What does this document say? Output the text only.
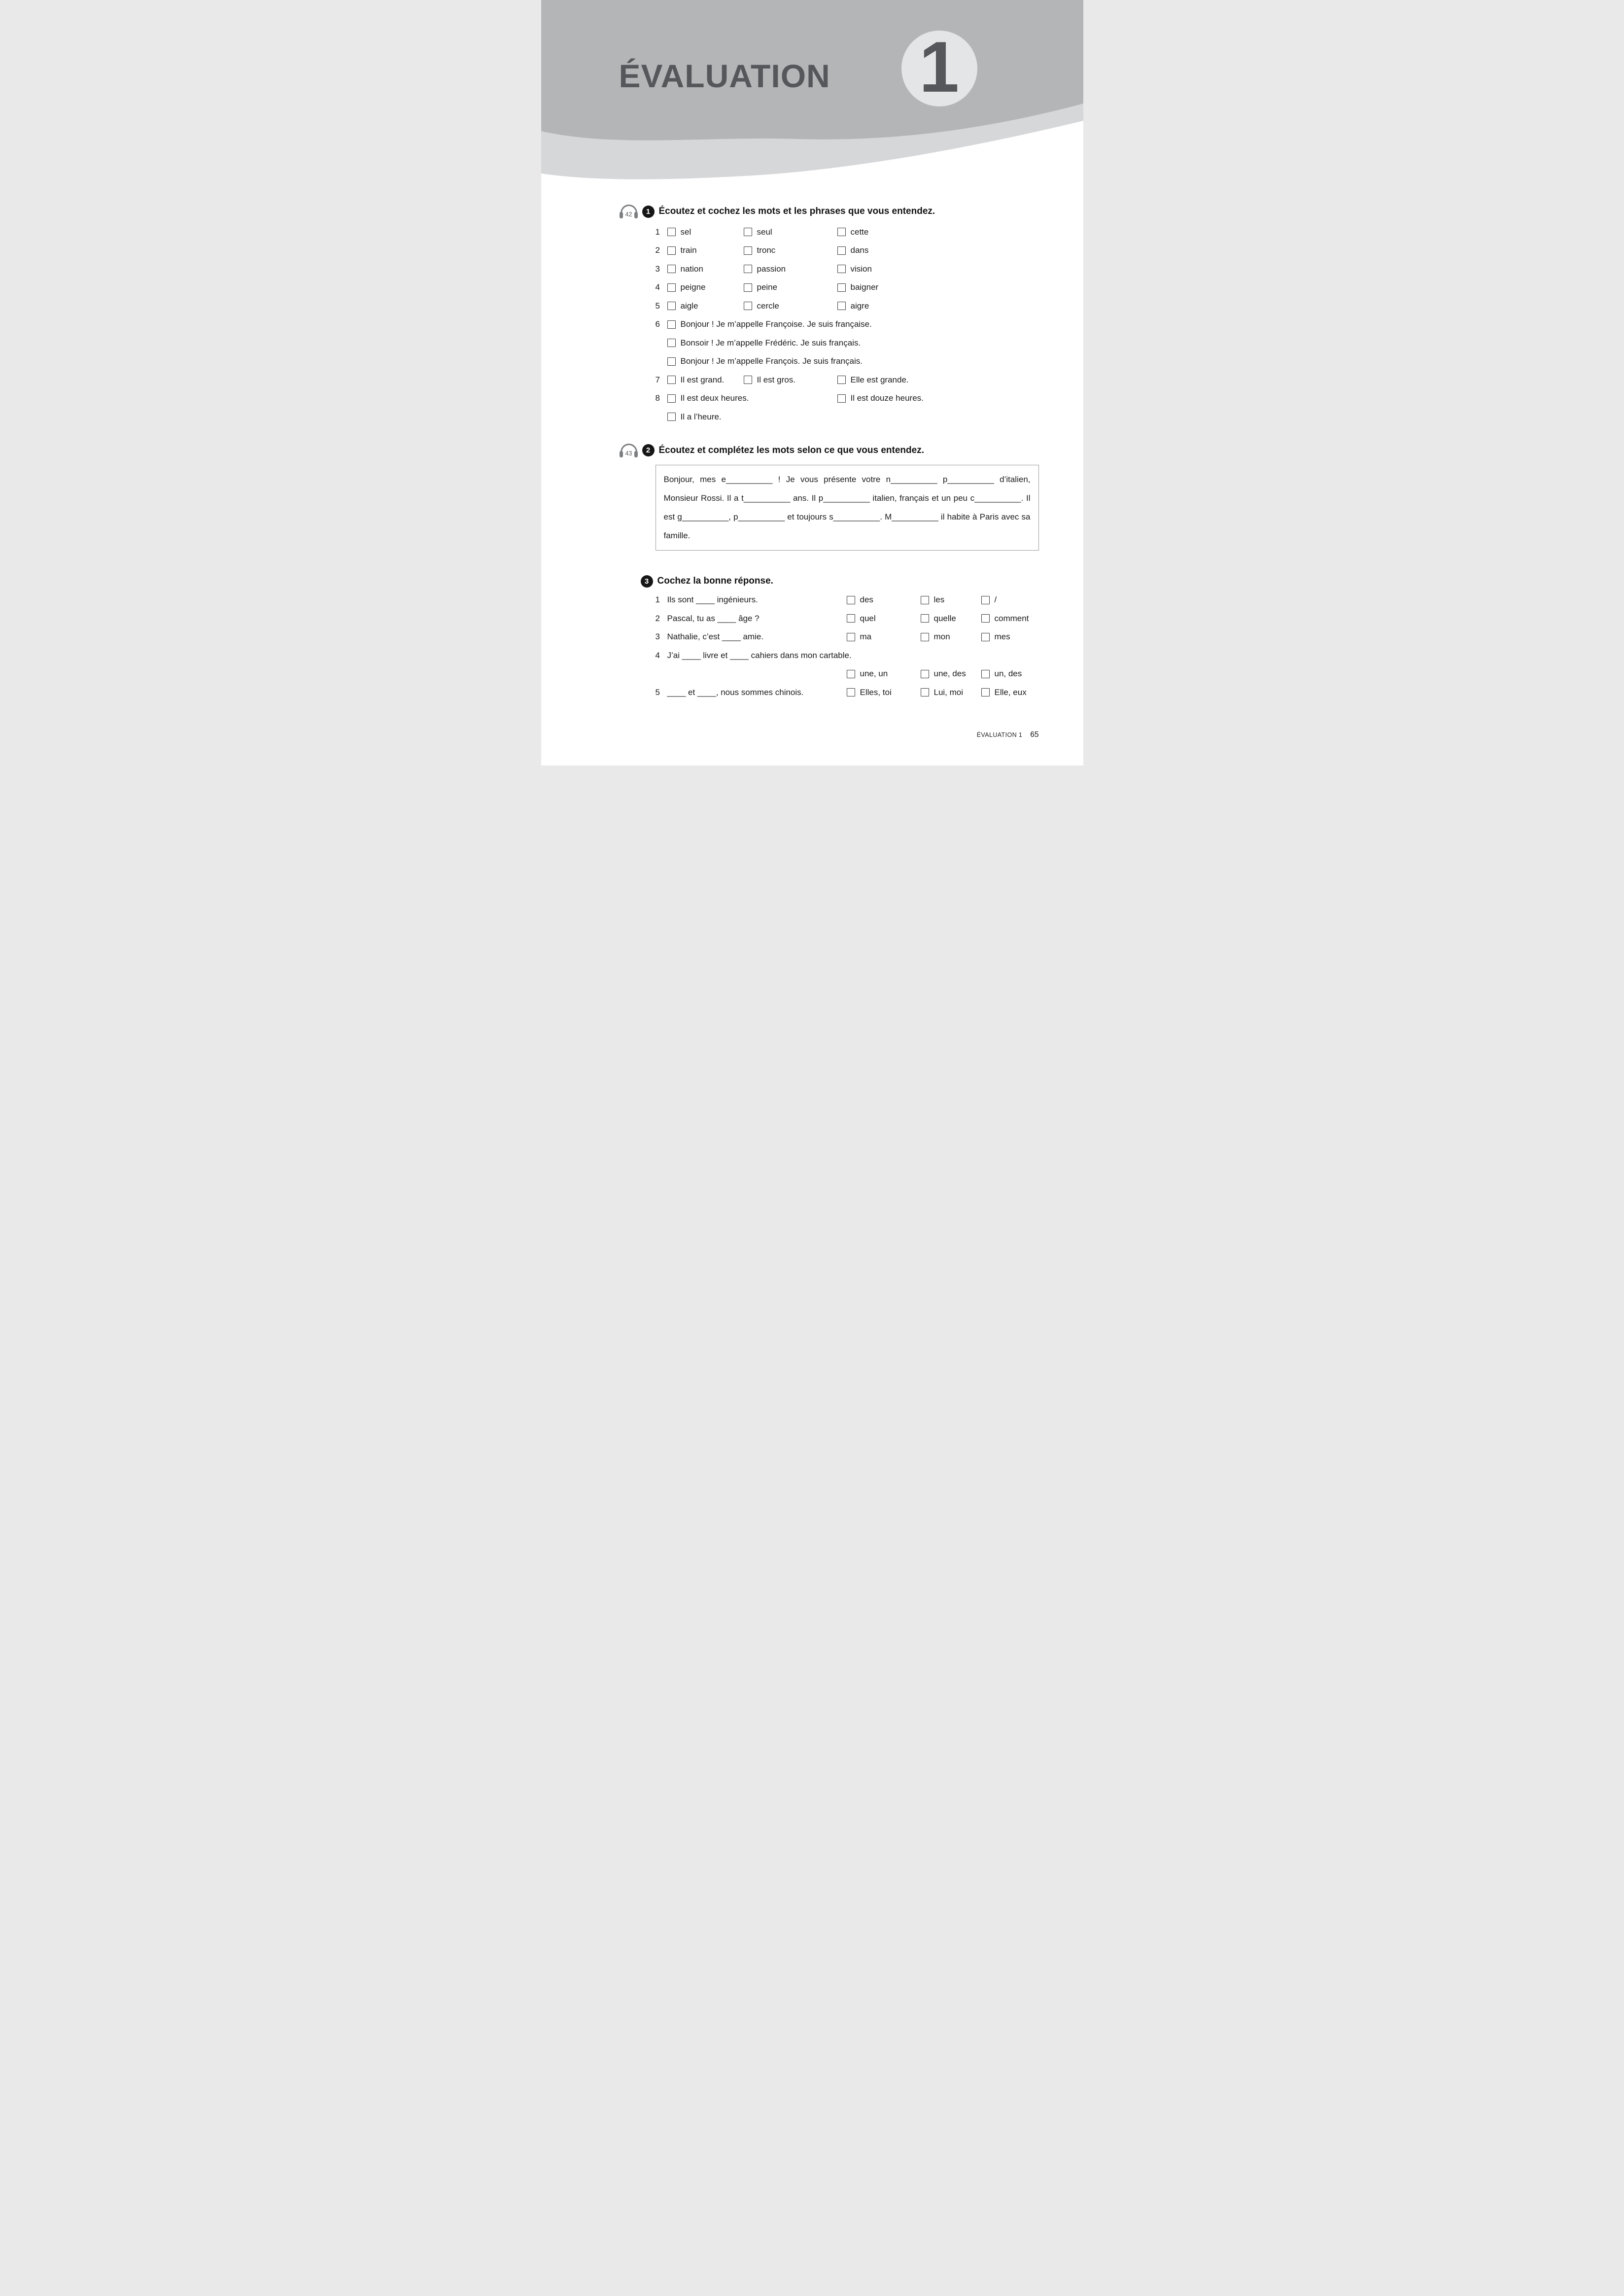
ÉVALUATION 1
42	1 Écoutez et cochez les mots et les phrases que vous entendez.
1	sel	seul	cette
2	train	tronc	dans
3	nation	passion	vision
4	peigne	peine	baigner
5	aigle	cercle	aigre
6	Bonjour ! Je m’appelle Françoise. Je suis française.
Bonsoir ! Je m’appelle Frédéric. Je suis français.
Bonjour ! Je m’appelle François. Je suis français.
7	Il est grand.	Il est gros.	Elle est grande.
8	Il est deux heures.	Il est douze heures.
Il a l’heure.
43	2 Écoutez et complétez les mots selon ce que vous entendez.
Bonjour, mes e__________ ! Je vous présente votre n__________ p__________ d’italien, Monsieur Rossi. Il a t__________ ans. Il p__________ italien, français et un peu c__________. Il est g__________, p__________ et toujours s__________. M__________ il habite à Paris avec sa famille.
3 Cochez la bonne réponse.
1 Ils sont ____ ingénieurs.	des	les	/
2 Pascal, tu as ____ âge ?	quel	quelle	comment
3 Nathalie, c’est ____ amie.	ma	mon	mes
4 J’ai ____ livre et ____ cahiers dans mon cartable.
une, un	une, des	un, des
5 ____ et ____, nous sommes chinois.	Elles, toi	Lui, moi	Elle, eux
ÉVALUATION 1 65
